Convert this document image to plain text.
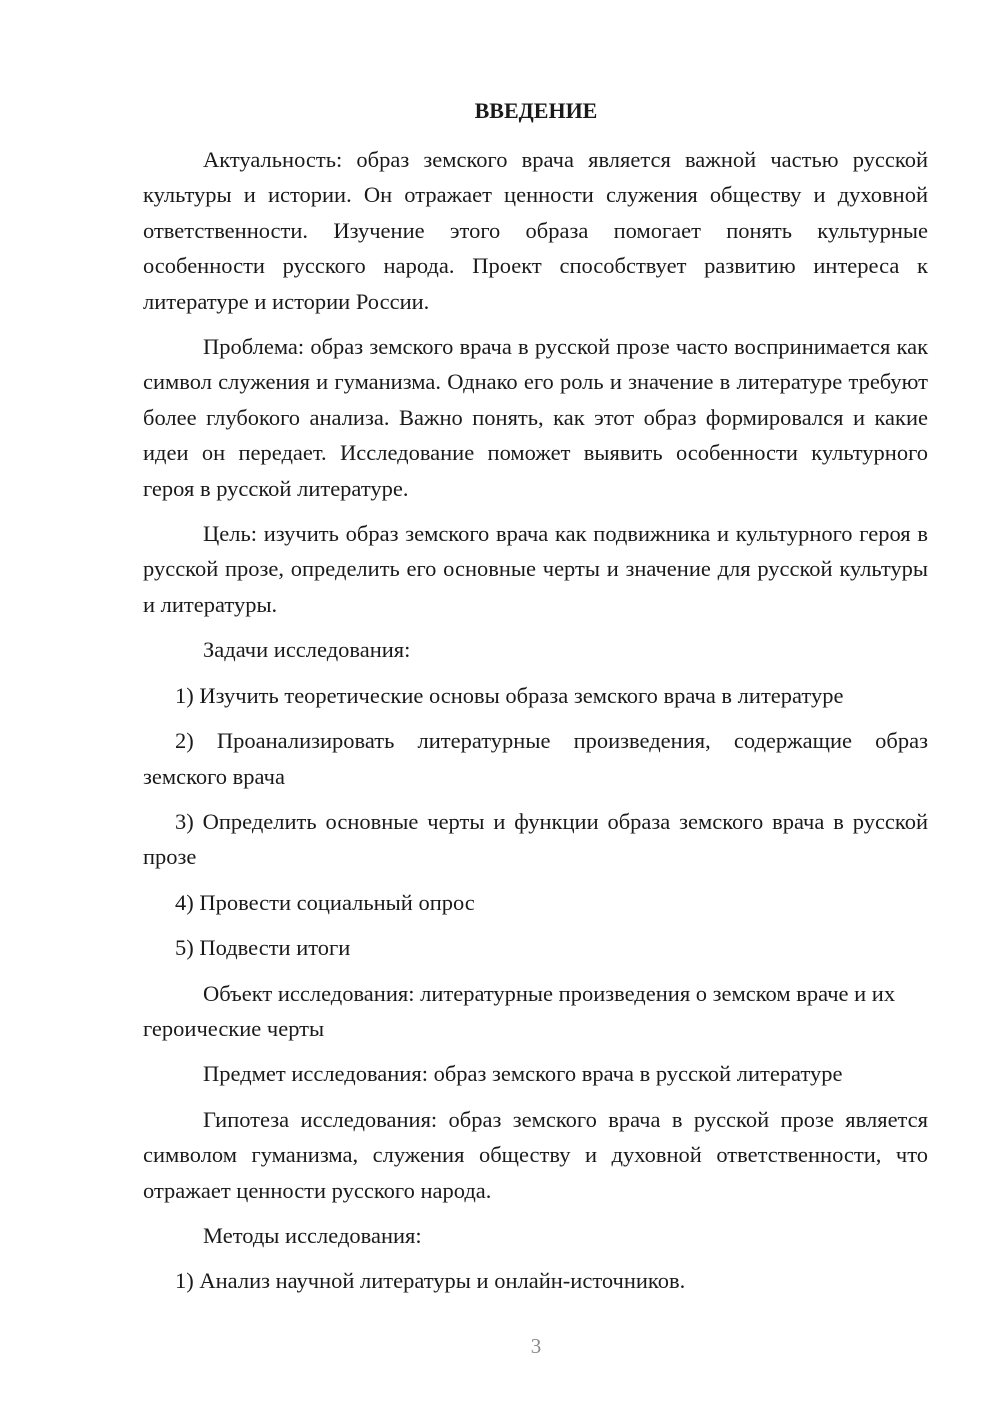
ВВЕДЕНИЕ

Актуальность: образ земского врача является важной частью русской культуры и истории. Он отражает ценности служения обществу и духовной ответственности. Изучение этого образа помогает понять культурные особенности русского народа. Проект способствует развитию интереса к литературе и истории России.

Проблема: образ земского врача в русской прозе часто воспринимается как символ служения и гуманизма. Однако его роль и значение в литературе требуют более глубокого анализа. Важно понять, как этот образ формировался и какие идеи он передает. Исследование поможет выявить особенности культурного героя в русской литературе.

Цель: изучить образ земского врача как подвижника и культурного героя в русской прозе, определить его основные черты и значение для русской культуры и литературы.

Задачи исследования:

1) Изучить теоретические основы образа земского врача в литературе

2) Проанализировать литературные произведения, содержащие образ земского врача

3) Определить основные черты и функции образа земского врача в русской прозе

4) Провести социальный опрос

5) Подвести итоги

Объект исследования: литературные произведения о земском враче и их героические черты

Предмет исследования: образ земского врача в русской литературе

Гипотеза исследования: образ земского врача в русской прозе является символом гуманизма, служения обществу и духовной ответственности, что отражает ценности русского народа.

Методы исследования:

1) Анализ научной литературы и онлайн-источников.

3
